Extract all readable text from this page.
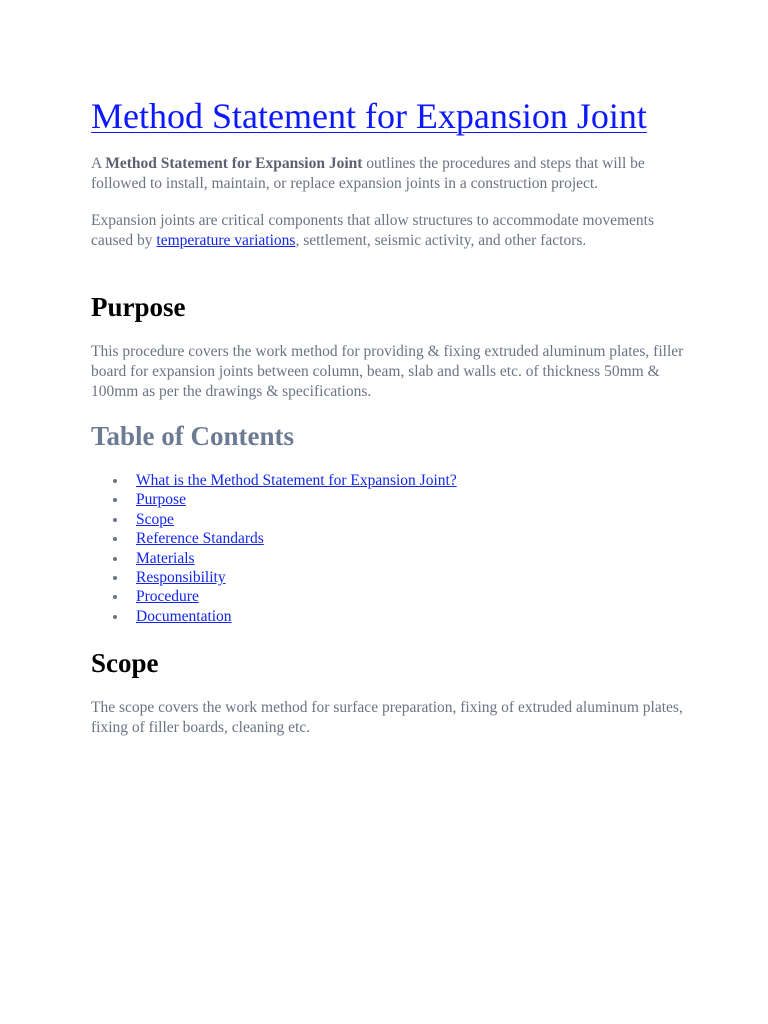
Method Statement for Expansion Joint

A Method Statement for Expansion Joint outlines the procedures and steps that will be followed to install, maintain, or replace expansion joints in a construction project.

Expansion joints are critical components that allow structures to accommodate movements caused by temperature variations, settlement, seismic activity, and other factors.

Purpose

This procedure covers the work method for providing & fixing extruded aluminum plates, filler board for expansion joints between column, beam, slab and walls etc. of thickness 50mm & 100mm as per the drawings & specifications.

Table of Contents
What is the Method Statement for Expansion Joint?
Purpose
Scope
Reference Standards
Materials
Responsibility
Procedure
Documentation
Scope

The scope covers the work method for surface preparation, fixing of extruded aluminum plates, fixing of filler boards, cleaning etc.
